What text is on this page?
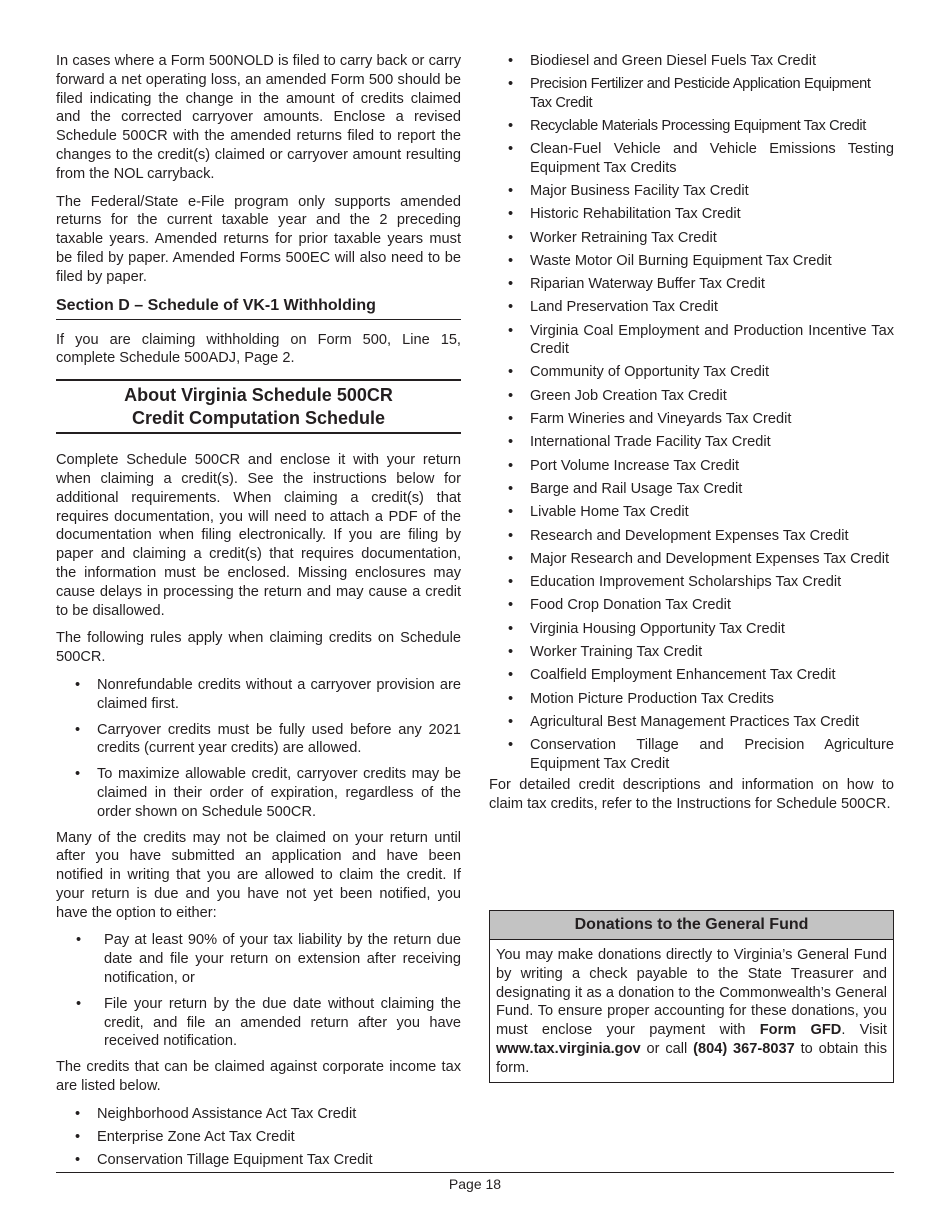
In cases where a Form 500NOLD is filed to carry back or carry forward a net operating loss, an amended Form 500 should be filed indicating the change in the amount of credits claimed and the corrected carryover amounts. Enclose a revised Schedule 500CR with the amended returns filed to report the changes to the credit(s) claimed or carryover amount resulting from the NOL carryback.

The Federal/State e-File program only supports amended returns for the current taxable year and the 2 preceding taxable years. Amended returns for prior taxable years must be filed by paper. Amended Forms 500EC will also need to be filed by paper.

Section D – Schedule of VK-1 Withholding

If you are claiming withholding on Form 500, Line 15, complete Schedule 500ADJ, Page 2.

About Virginia Schedule 500CR
Credit Computation Schedule

Complete Schedule 500CR and enclose it with your return when claiming a credit(s). See the instructions below for additional requirements. When claiming a credit(s) that requires documentation, you will need to attach a PDF of the documentation when filing electronically. If you are filing by paper and claiming a credit(s) that requires documentation, the information must be enclosed. Missing enclosures may cause delays in processing the return and may cause a credit to be disallowed.

The following rules apply when claiming credits on Schedule 500CR.

• Nonrefundable credits without a carryover provision are claimed first.
• Carryover credits must be fully used before any 2021 credits (current year credits) are allowed.
• To maximize allowable credit, carryover credits may be claimed in their order of expiration, regardless of the order shown on Schedule 500CR.

Many of the credits may not be claimed on your return until after you have submitted an application and have been notified in writing that you are allowed to claim the credit. If your return is due and you have not yet been notified, you have the option to either:

• Pay at least 90% of your tax liability by the return due date and file your return on extension after receiving notification, or
• File your return by the due date without claiming the credit, and file an amended return after you have received notification.

The credits that can be claimed against corporate income tax are listed below.

• Neighborhood Assistance Act Tax Credit
• Enterprise Zone Act Tax Credit
• Conservation Tillage Equipment Tax Credit
• Biodiesel and Green Diesel Fuels Tax Credit
• Precision Fertilizer and Pesticide Application Equipment Tax Credit
• Recyclable Materials Processing Equipment Tax Credit
• Clean-Fuel Vehicle and Vehicle Emissions Testing Equipment Tax Credits
• Major Business Facility Tax Credit
• Historic Rehabilitation Tax Credit
• Worker Retraining Tax Credit
• Waste Motor Oil Burning Equipment Tax Credit
• Riparian Waterway Buffer Tax Credit
• Land Preservation Tax Credit
• Virginia Coal Employment and Production Incentive Tax Credit
• Community of Opportunity Tax Credit
• Green Job Creation Tax Credit
• Farm Wineries and Vineyards Tax Credit
• International Trade Facility Tax Credit
• Port Volume Increase Tax Credit
• Barge and Rail Usage Tax Credit
• Livable Home Tax Credit
• Research and Development Expenses Tax Credit
• Major Research and Development Expenses Tax Credit
• Education Improvement Scholarships Tax Credit
• Food Crop Donation Tax Credit
• Virginia Housing Opportunity Tax Credit
• Worker Training Tax Credit
• Coalfield Employment Enhancement Tax Credit
• Motion Picture Production Tax Credits
• Agricultural Best Management Practices Tax Credit
• Conservation Tillage and Precision Agriculture Equipment Tax Credit

For detailed credit descriptions and information on how to claim tax credits, refer to the Instructions for Schedule 500CR.

Donations to the General Fund
You may make donations directly to Virginia’s General Fund by writing a check payable to the State Treasurer and designating it as a donation to the Commonwealth’s General Fund. To ensure proper accounting for these donations, you must enclose your payment with Form GFD. Visit www.tax.virginia.gov or call (804) 367-8037 to obtain this form.
Page 18
